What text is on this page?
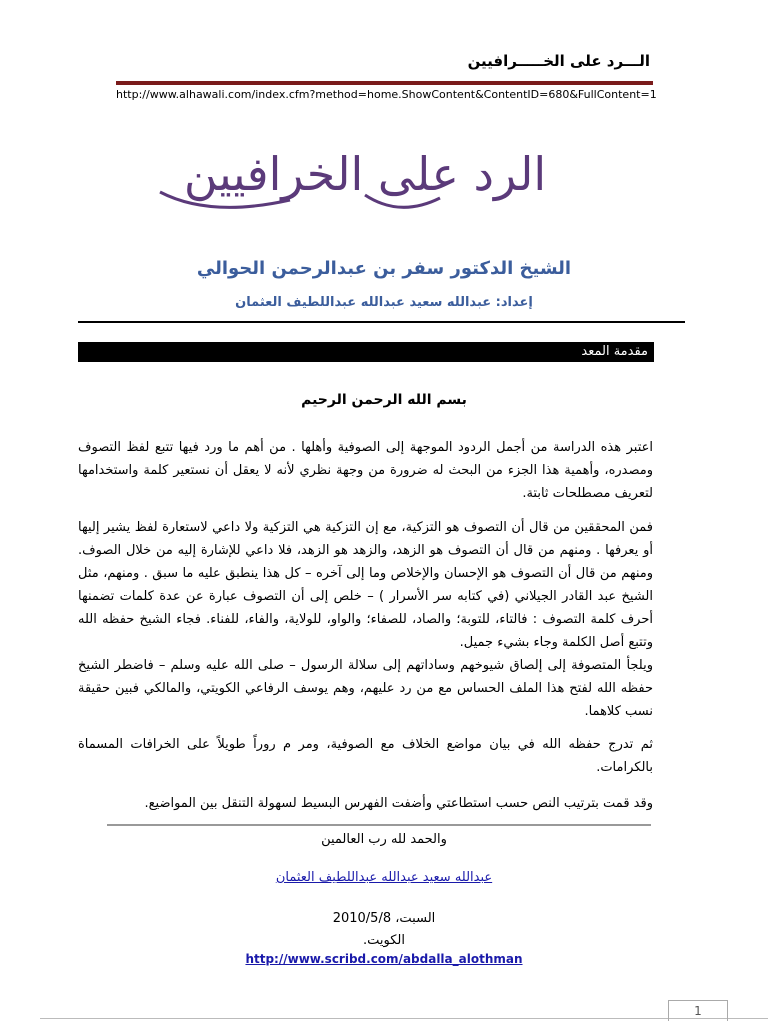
الـــرد على الخـــــرافيين
http://www.alhawali.com/index.cfm?method=home.ShowContent&ContentID=680&FullContent=1
الرد على الخرافيين
الشيخ الدكتور سفر بن عبدالرحمن الحوالي
إعداد: عبدالله سعيد عبدالله عبداللطيف العثمان
مقدمة المعد
بسم الله الرحمن الرحيم
اعتبر هذه الدراسة من أجمل الردود الموجهة إلى الصوفية وأهلها . من أهم ما ورد فيها تتبع لفظ التصوف ومصدره، وأهمية هذا الجزء من البحث له ضرورة من وجهة نظري لأنه لا يعقل أن نستعير كلمة واستخدامها لتعريف مصطلحات ثابتة.
فمن المحققين من قال أن التصوف هو التزكية، مع إن التزكية هي التزكية ولا داعي لاستعارة لفظ يشير إليها أو يعرفها . ومنهم من قال أن التصوف هو الزهد، والزهد هو الزهد، فلا داعي للإشارة إليه من خلال الصوف. ومنهم من قال أن التصوف هو الإحسان والإخلاص وما إلى آخره – كل هذا ينطبق عليه ما سبق . ومنهم، مثل الشيخ عبد القادر الجيلاني (في كتابه سر الأسرار ) – خلص إلى أن التصوف عبارة عن عدة كلمات تضمنها أحرف كلمة التصوف : فالتاء، للتوبة؛ والصاد، للصفاء؛ والواو، للولاية، والفاء، للفناء. فجاء الشيخ حفظه الله وتتبع أصل الكلمة وجاء بشيء جميل.
ويلجأ المتصوفة إلى إلصاق شيوخهم وساداتهم إلى سلالة الرسول – صلى الله عليه وسلم – فاضطر الشيخ حفظه الله لفتح هذا الملف الحساس مع من رد عليهم، وهم يوسف الرفاعي الكويتي، والمالكي فبين حقيقة نسب كلاهما.
ثم تدرج حفظه الله في بيان مواضع الخلاف مع الصوفية، ومر م روراً طويلاً على الخرافات المسماة بالكرامات.
وقد قمت بترتيب النص حسب استطاعتي وأضفت الفهرس البسيط لسهولة التنقل بين المواضيع.
والحمد لله رب العالمين
عبدالله سعيد عبدالله عبداللطيف العثمان
السبت، 2010/5/8
الكويت.
http://www.scribd.com/abdalla_alothman
1
